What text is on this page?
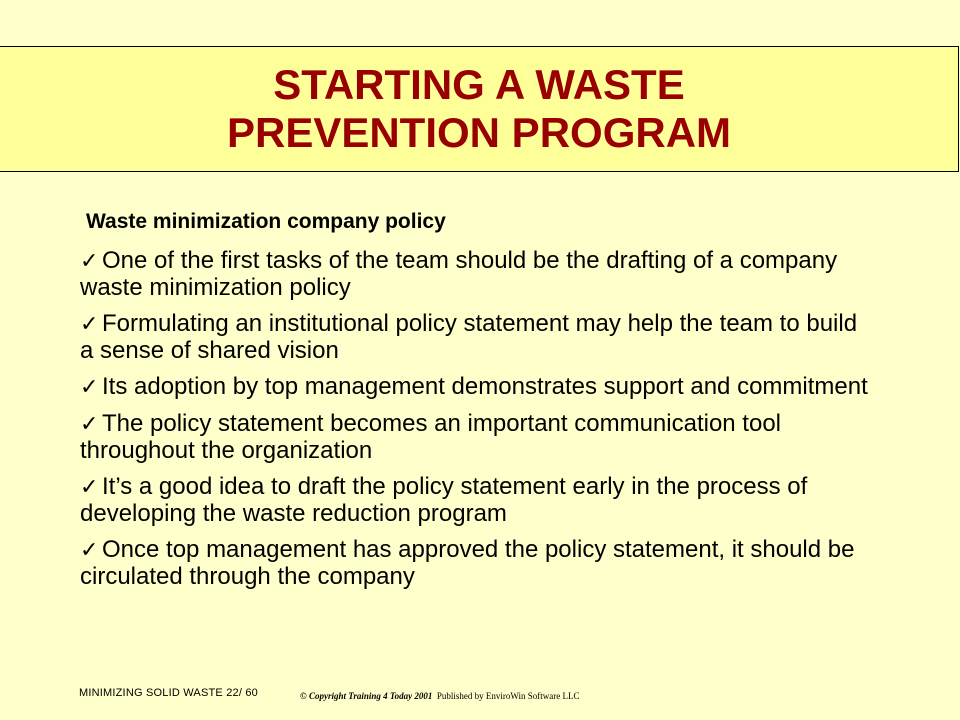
STARTING A WASTE
PREVENTION PROGRAM
Waste minimization company policy
✓ One of the first tasks of the team should be the drafting of a company waste minimization policy
✓ Formulating an institutional policy statement may help the team to build a sense of shared vision
✓ Its adoption by top management demonstrates support and commitment
✓ The policy statement becomes an important communication tool throughout the organization
✓ It’s a good idea to draft the policy statement early in the process of developing the waste reduction program
✓ Once top management has approved the policy statement, it should be circulated through the company
MINIMIZING SOLID WASTE 22/ 60	© Copyright Training 4 Today 2001 Published by EnviroWin Software LLC
